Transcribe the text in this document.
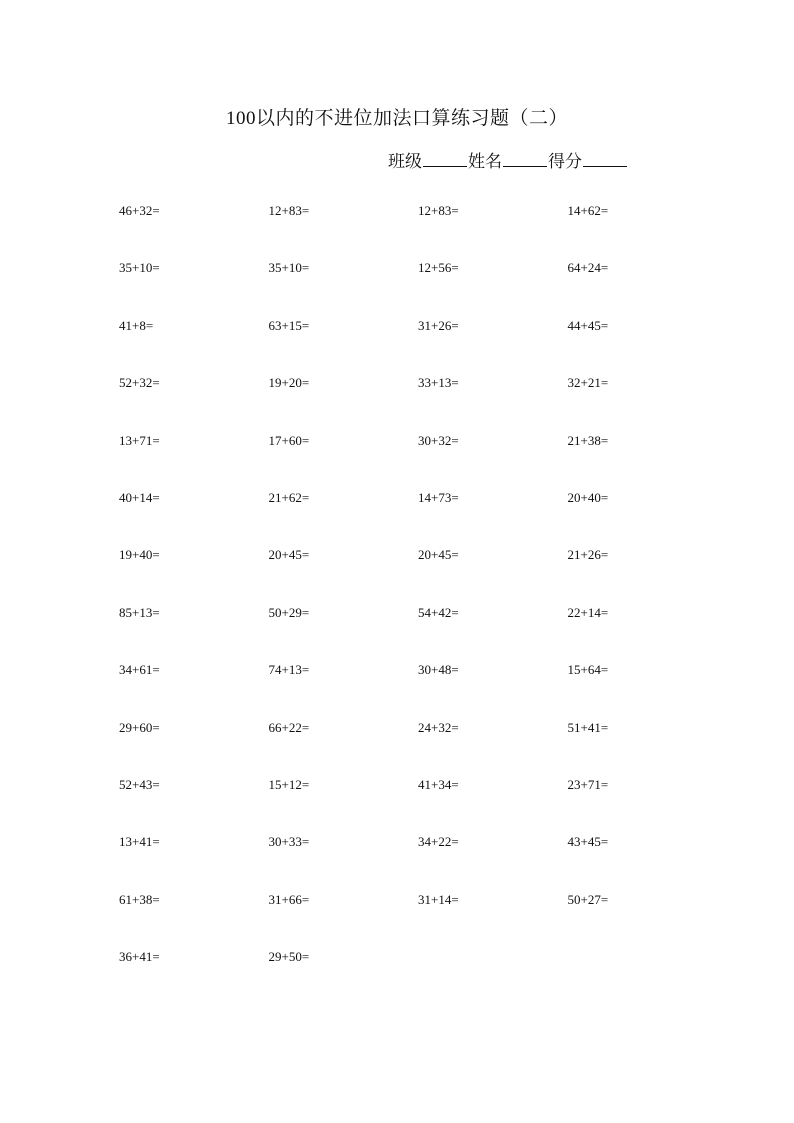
100以内的不进位加法口算练习题（二）
班级	姓名	得分
46+32=	12+83=	12+83=	14+62=
35+10=	35+10=	12+56=	64+24=
41+8=	63+15=	31+26=	44+45=
52+32=	19+20=	33+13=	32+21=
13+71=	17+60=	30+32=	21+38=
40+14=	21+62=	14+73=	20+40=
19+40=	20+45=	20+45=	21+26=
85+13=	50+29=	54+42=	22+14=
34+61=	74+13=	30+48=	15+64=
29+60=	66+22=	24+32=	51+41=
52+43=	15+12=	41+34=	23+71=
13+41=	30+33=	34+22=	43+45=
61+38=	31+66=	31+14=	50+27=
36+41=	29+50=
